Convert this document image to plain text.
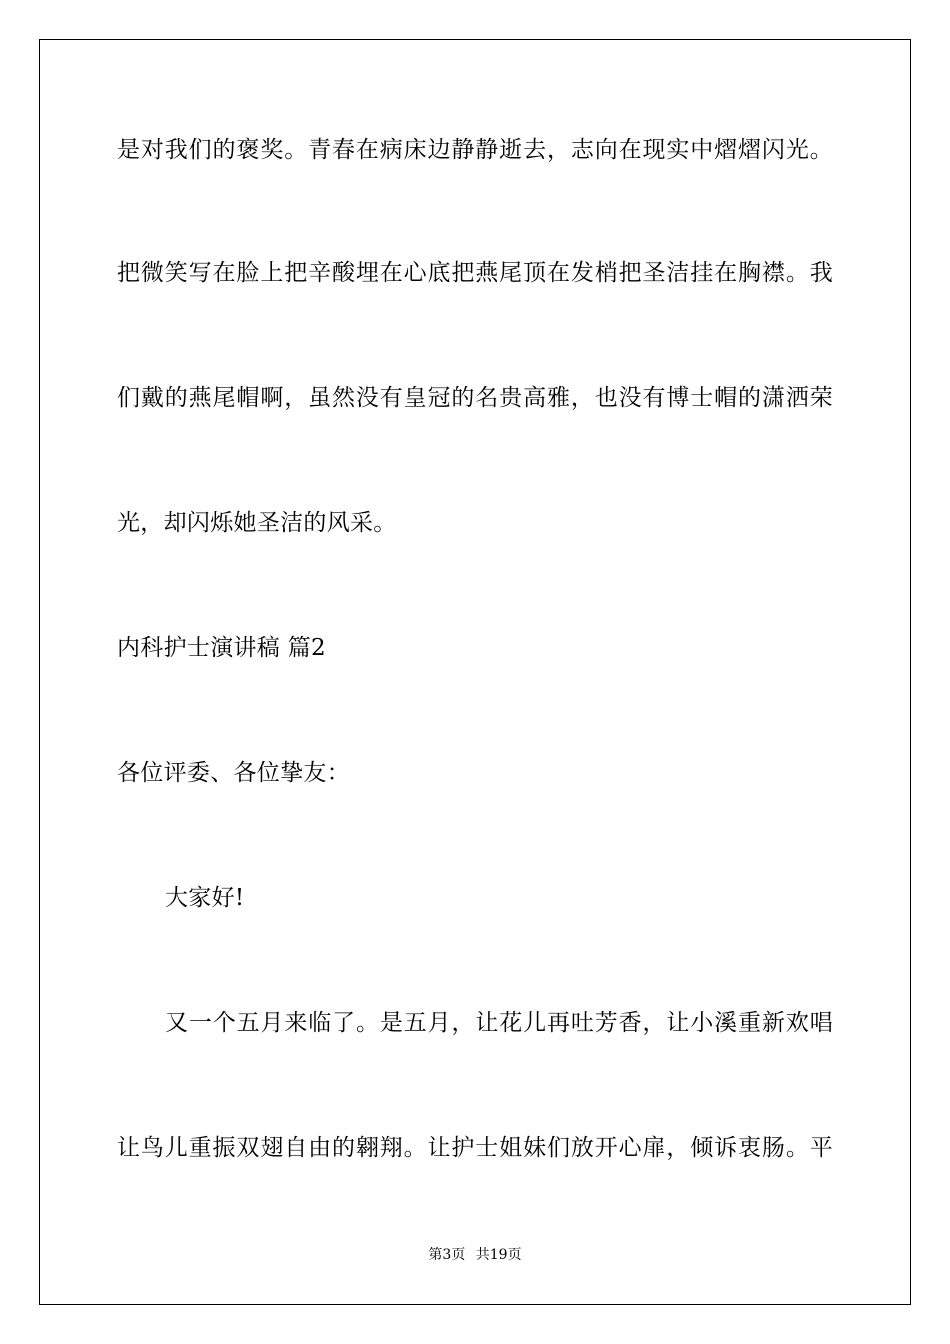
是对我们的褒奖。青春在病床边静静逝去，志向在现实中熠熠闪光。
把微笑写在脸上把辛酸埋在心底把燕尾顶在发梢把圣洁挂在胸襟。我
们戴的燕尾帽啊，虽然没有皇冠的名贵高雅，也没有博士帽的潇洒荣
光，却闪烁她圣洁的风采。
内科护士演讲稿 篇2
各位评委、各位挚友：
大家好!
又一个五月来临了。是五月，让花儿再吐芳香，让小溪重新欢唱
让鸟儿重振双翅自由的翱翔。让护士姐妹们放开心扉，倾诉衷肠。平
第3页 共19页
